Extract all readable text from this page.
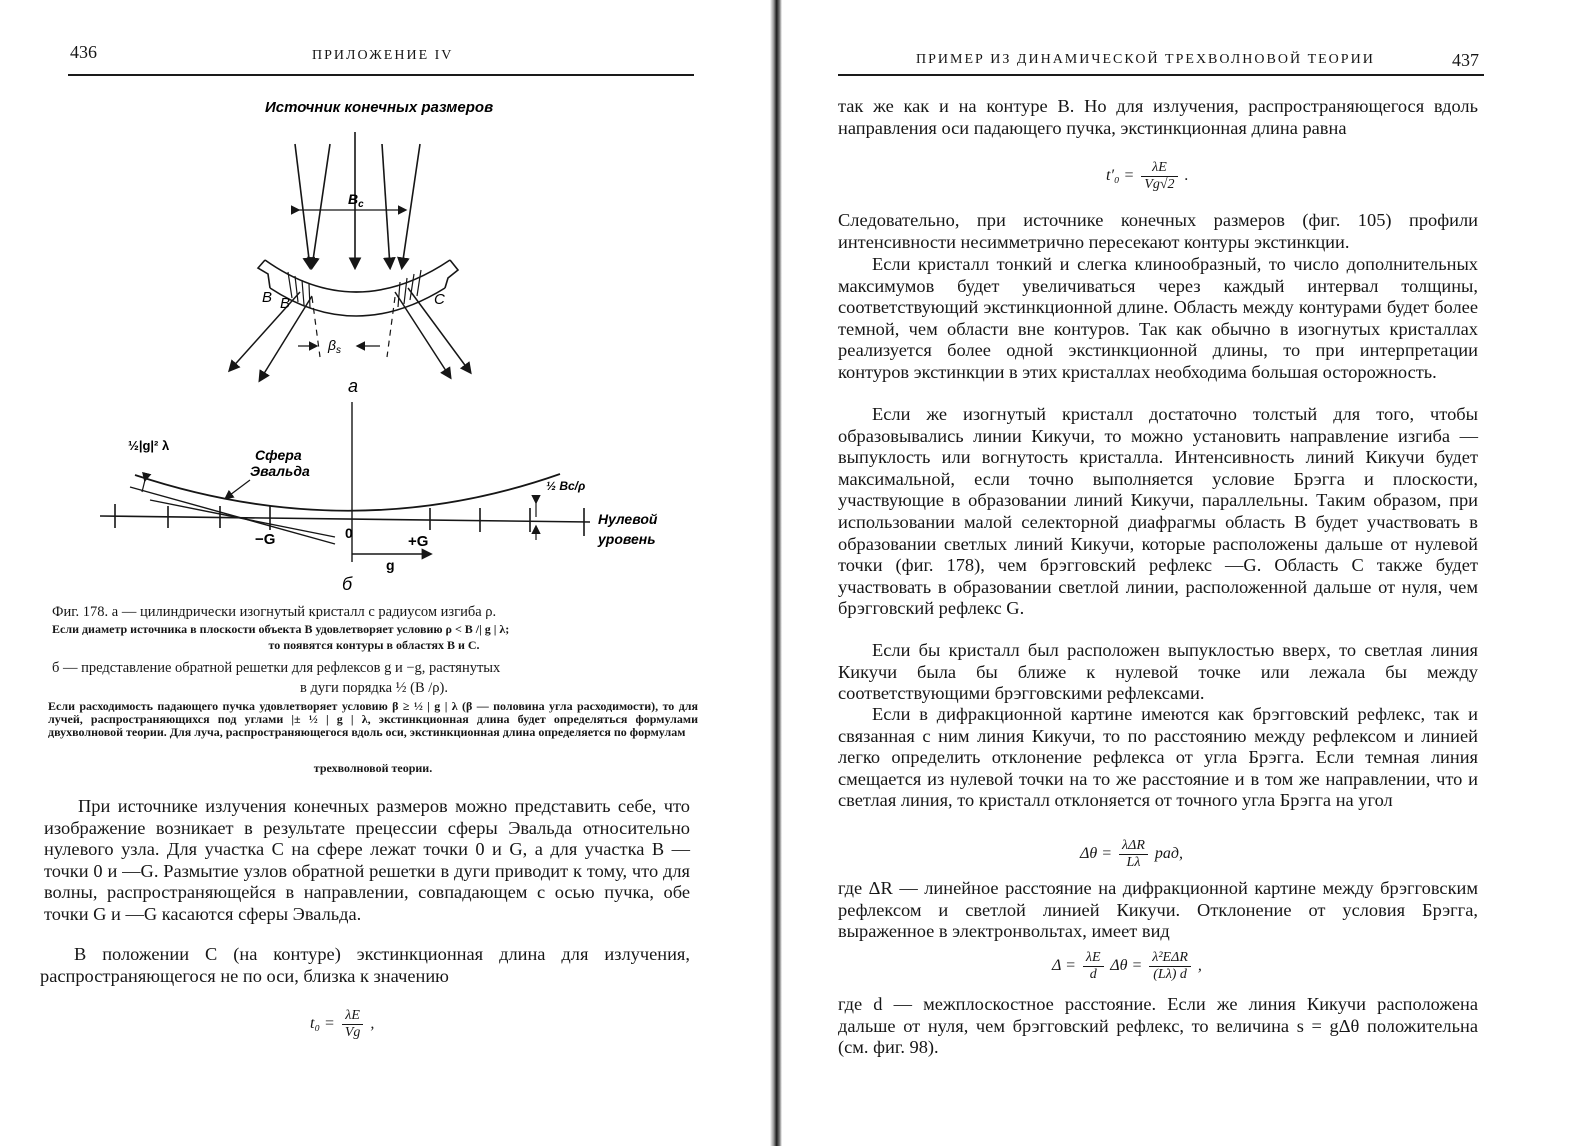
436	ПРИЛОЖЕНИЕ IV
Источник конечных размеров
$B_c$
B B	C
$\beta_s$
а
½|g|² λ
Сфера
Эвальда
½ Bc/ρ
Нулевой
уровень
−G	0	+G
g
б
Фиг. 178. а — цилиндрически изогнутый кристалл с радиусом изгиба ρ.
Если диаметр источника в плоскости объекта B удовлетворяет условию ρ < B /| g | λ;
то появятся контуры в областях B и C.
б — представление обратной решетки для рефлексов g и −g, растянутых
в дуги порядка ½ (B /ρ).
Если расходимость падающего пучка удовлетворяет условию β ≥ ½ | g | λ (β — половина угла расходимости), то для лучей, распространяющихся под углами |± ½ | g | λ, экстинкционная длина будет определяться формулами двухволновой теории. Для луча, распространяющегося вдоль оси, экстинкционная длина определяется по формулам
трехволновой теории.

При источнике излучения конечных размеров можно представить себе, что изображение возникает в результате прецессии сферы Эвальда относительно нулевого узла. Для участка C на сфере лежат точки 0 и G, а для участка B — точки 0 и —G. Размытие узлов обратной решетки в дуги приводит к тому, что для волны, распространяющейся в направлении, совпадающем с осью пучка, обе точки G и —G касаются сферы Эвальда.

В положении C (на контуре) экстинкционная длина для излучения, распространяющегося не по оси, близка к значению

$t_0 = \frac{\lambda E}{Vg}$ ,
ПРИМЕР ИЗ ДИНАМИЧЕСКОЙ ТРЕХВОЛНОВОЙ ТЕОРИИ	437

так же как и на контуре B. Но для излучения, распространяющегося вдоль направления оси падающего пучка, экстинкционная длина равна

$t'_0 = \frac{\lambda E}{Vg√2}$ .

Следовательно, при источнике конечных размеров (фиг. 105) профили интенсивности несимметрично пересекают контуры экстинкции.

Если кристалл тонкий и слегка клинообразный, то число дополнительных максимумов будет увеличиваться через каждый интервал толщины, соответствующий экстинкционной длине. Область между контурами будет более темной, чем области вне контуров. Так как обычно в изогнутых кристаллах реализуется более одной экстинкционной длины, то при интерпретации контуров экстинкции в этих кристаллах необходима большая осторожность.

Если же изогнутый кристалл достаточно толстый для того, чтобы образовывались линии Кикучи, то можно установить направление изгиба — выпуклость или вогнутость кристалла. Интенсивность линий Кикучи будет максимальной, если точно выполняется условие Брэгга и плоскости, участвующие в образовании линий Кикучи, параллельны. Таким образом, при использовании малой селекторной диафрагмы область B будет участвовать в образовании светлых линий Кикучи, которые расположены дальше от нулевой точки (фиг. 178), чем брэгговский рефлекс —G. Область C также будет участвовать в образовании светлой линии, расположенной дальше от нуля, чем брэгговский рефлекс G.

Если бы кристалл был расположен выпуклостью вверх, то светлая линия Кикучи была бы ближе к нулевой точке или лежала бы между соответствующими брэгговскими рефлексами.

Если в дифракционной картине имеются как брэгговский рефлекс, так и связанная с ним линия Кикучи, то по расстоянию между рефлексом и линией легко определить отклонение рефлекса от угла Брэгга. Если темная линия смещается из нулевой точки на то же расстояние и в том же направлении, что и светлая линия, то кристалл отклоняется от точного угла Брэгга на угол

$\Delta\theta = \frac{\text{λΔR}}{L\lambda}$ рад,

где ΔR — линейное расстояние на дифракционной картине между брэгговским рефлексом и светлой линией Кикучи. Отклонение от условия Брэгга, выраженное в электронвольтах, имеет вид

$\Delta = \frac{\lambda E}{d}$ $\Delta\theta = \frac{\text{λ²EΔR}}{(L\lambda) d}$ ,

где d — межплоскостное расстояние. Если же линия Кикучи расположена дальше от нуля, чем брэгговский рефлекс, то величина s = gΔθ положительна (см. фиг. 98).
